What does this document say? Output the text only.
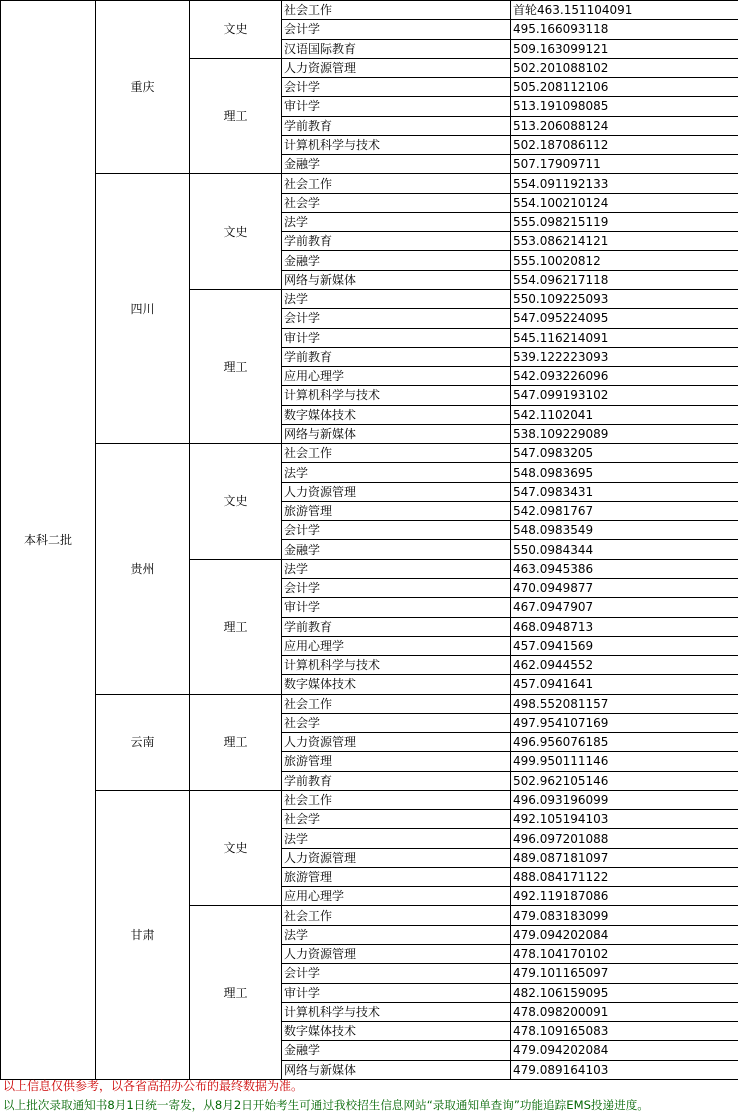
本科二批	重庆	文史	社会工作	首轮463.151104091
			会计学	495.166093118
			汉语国际教育	509.163099121
		理工	人力资源管理	502.201088102
			会计学	505.208112106
			审计学	513.191098085
			学前教育	513.206088124
			计算机科学与技术	502.187086112
			金融学	507.17909711
	四川	文史	社会工作	554.091192133
			社会学	554.100210124
			法学	555.098215119
			学前教育	553.086214121
			金融学	555.10020812
			网络与新媒体	554.096217118
		理工	法学	550.109225093
			会计学	547.095224095
			审计学	545.116214091
			学前教育	539.122223093
			应用心理学	542.093226096
			计算机科学与技术	547.099193102
			数字媒体技术	542.1102041
			网络与新媒体	538.109229089
	贵州	文史	社会工作	547.0983205
			法学	548.0983695
			人力资源管理	547.0983431
			旅游管理	542.0981767
			会计学	548.0983549
			金融学	550.0984344
		理工	法学	463.0945386
			会计学	470.0949877
			审计学	467.0947907
			学前教育	468.0948713
			应用心理学	457.0941569
			计算机科学与技术	462.0944552
			数字媒体技术	457.0941641
	云南	理工	社会工作	498.552081157
			社会学	497.954107169
			人力资源管理	496.956076185
			旅游管理	499.950111146
			学前教育	502.962105146
	甘肃	文史	社会工作	496.093196099
			社会学	492.105194103
			法学	496.097201088
			人力资源管理	489.087181097
			旅游管理	488.084171122
			应用心理学	492.119187086
		理工	社会工作	479.083183099
			法学	479.094202084
			人力资源管理	478.104170102
			会计学	479.101165097
			审计学	482.106159095
			计算机科学与技术	478.098200091
			数字媒体技术	478.109165083
			金融学	479.094202084
			网络与新媒体	479.089164103
以上信息仅供参考，以各省高招办公布的最终数据为准。
以上批次录取通知书8月1日统一寄发，从8月2日开始考生可通过我校招生信息网站“录取通知单查询”功能追踪EMS投递进度。
